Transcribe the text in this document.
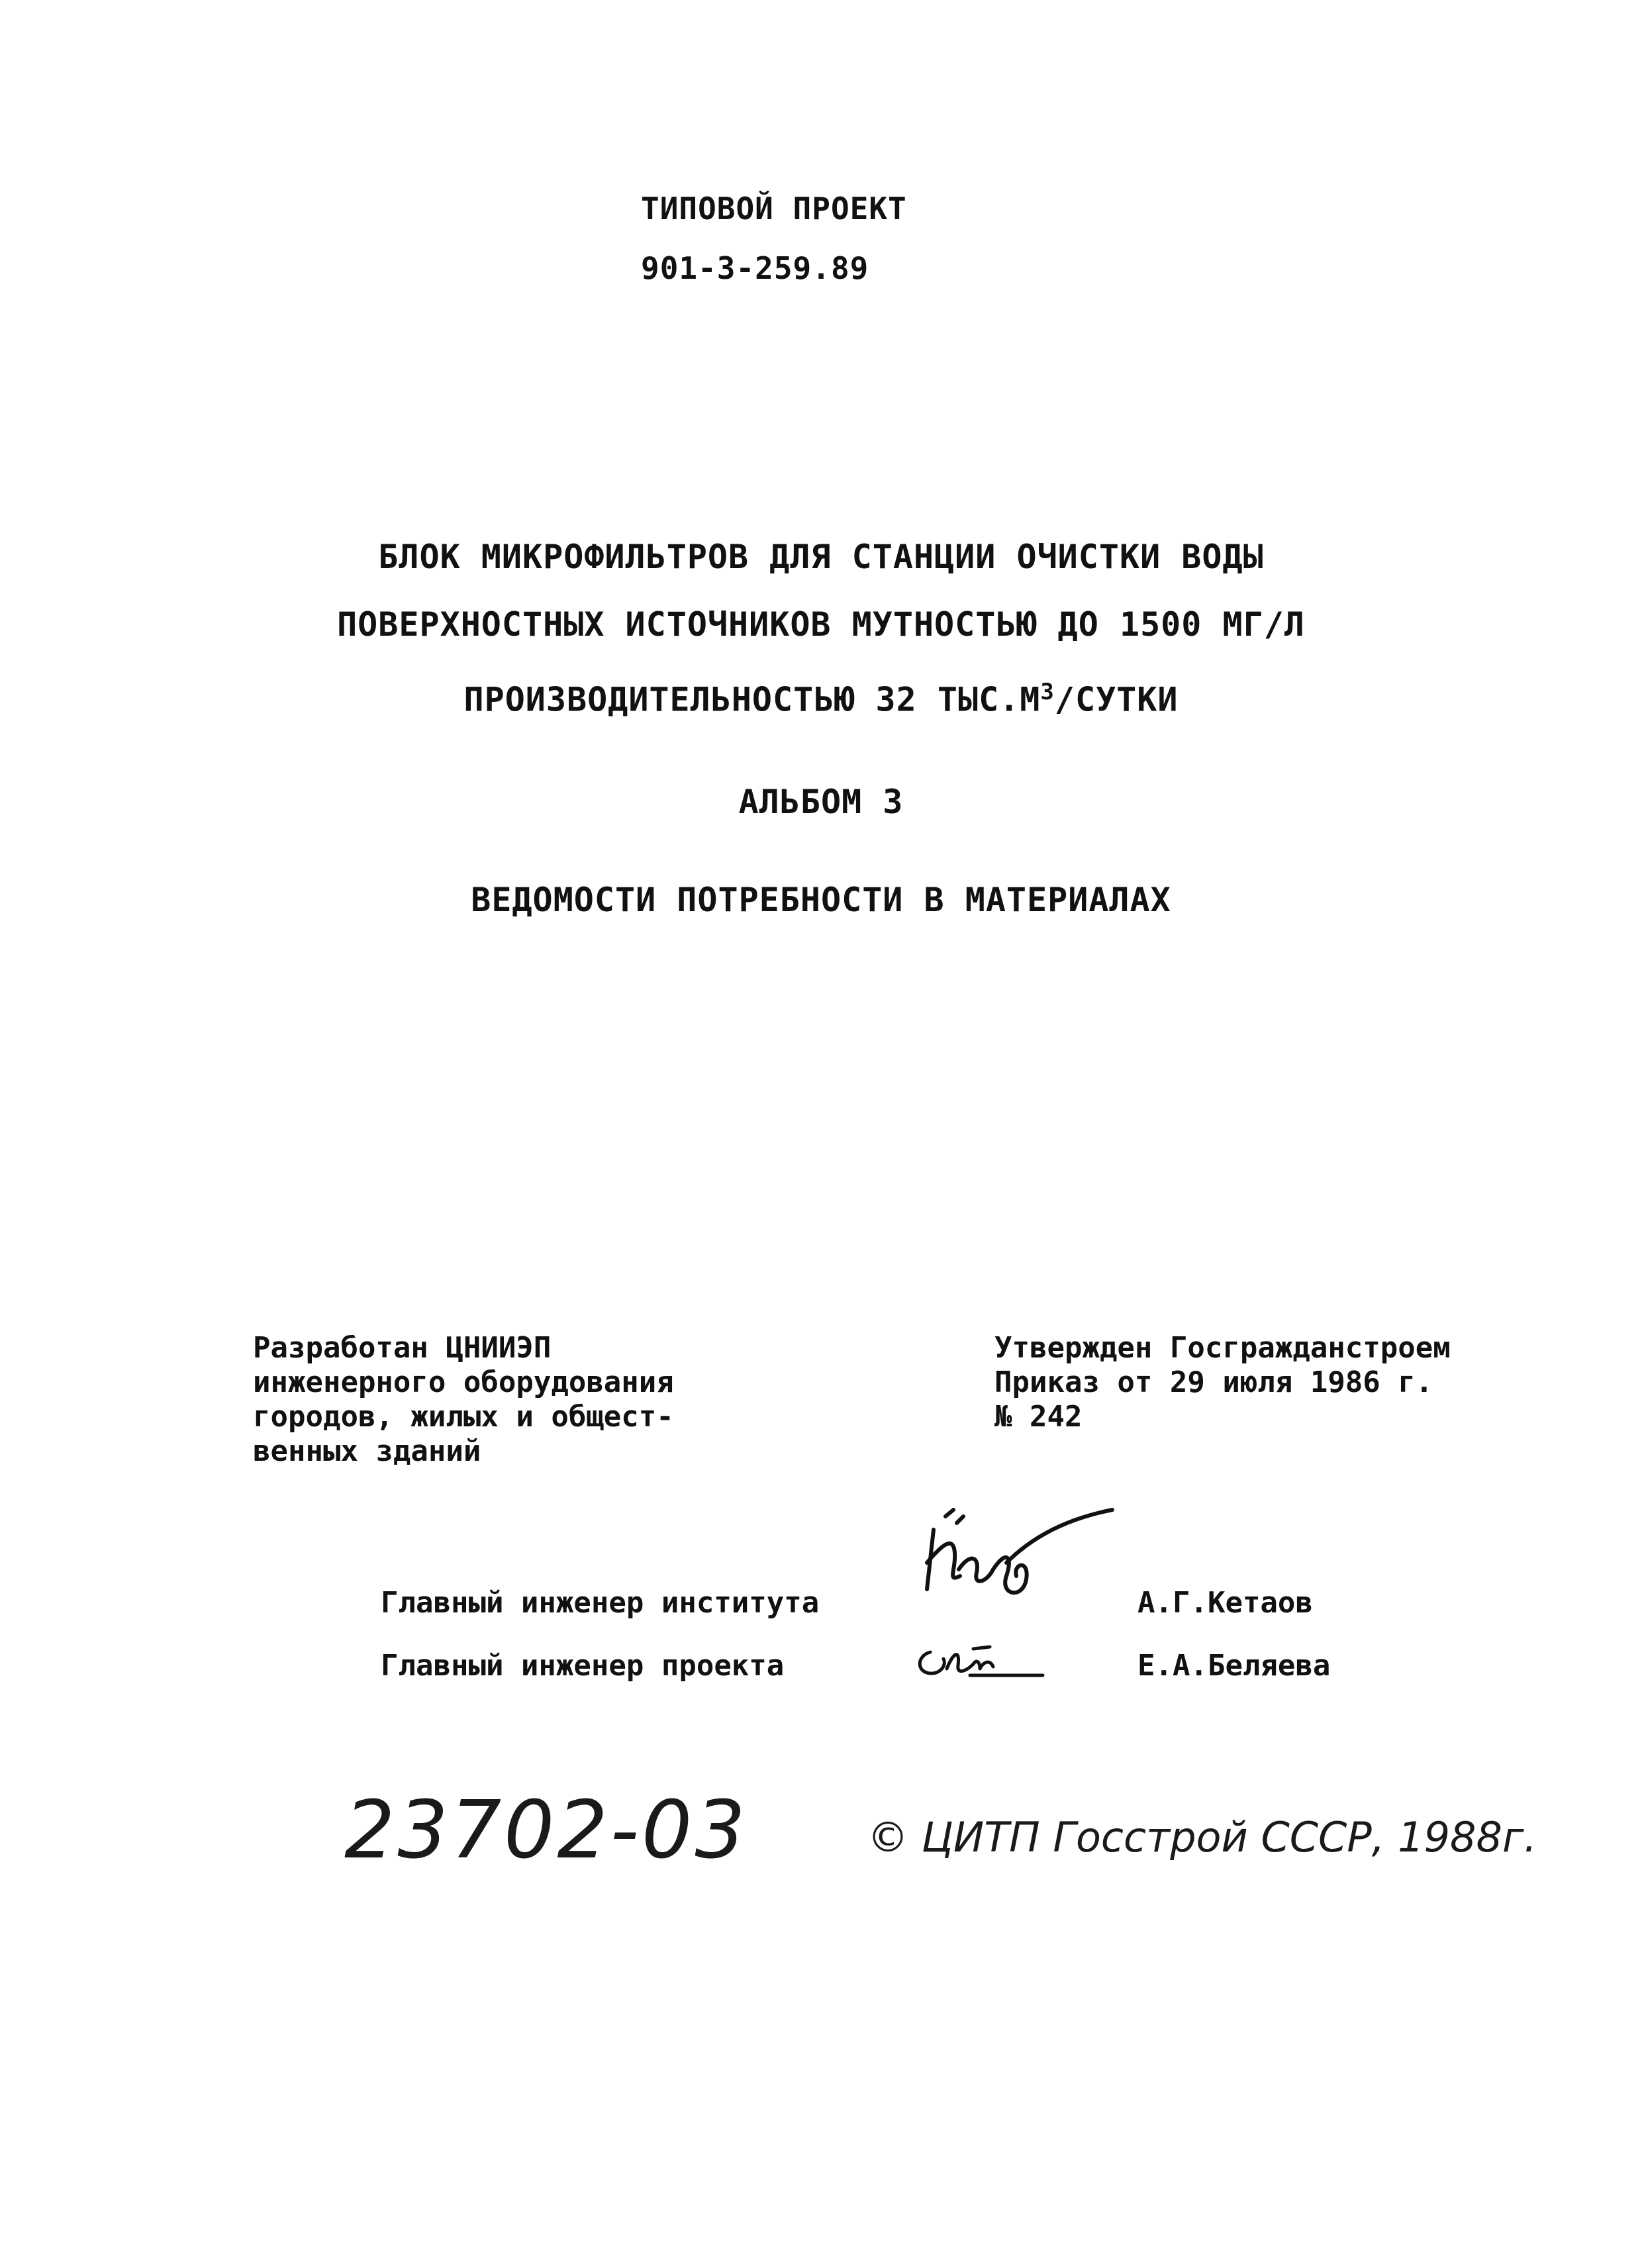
ТИПОВОЙ ПРОЕКТ
901-3-259.89
БЛОК МИКРОФИЛЬТРОВ ДЛЯ СТАНЦИИ ОЧИСТКИ ВОДЫ
ПОВЕРХНОСТНЫХ ИСТОЧНИКОВ МУТНОСТЬЮ ДО 1500 МГ/Л
ПРОИЗВОДИТЕЛЬНОСТЬЮ 32 $ТЫС.М^3$/СУТКИ
АЛЬБОМ 3
ВЕДОМОСТИ ПОТРЕБНОСТИ В МАТЕРИАЛАХ
Разработан ЦНИИЭП
инженерного оборудования
городов, жилых и общест-
венных зданий
Утвержден Госгражданстроем
Приказ от 29 июля 1986 г.
№ 242
Главный инженер института	А.Г.Кетаов
Главный инженер проекта	Е.А.Беляева
23702-03	© ЦИТП Госстрой СССР, 1988г.
